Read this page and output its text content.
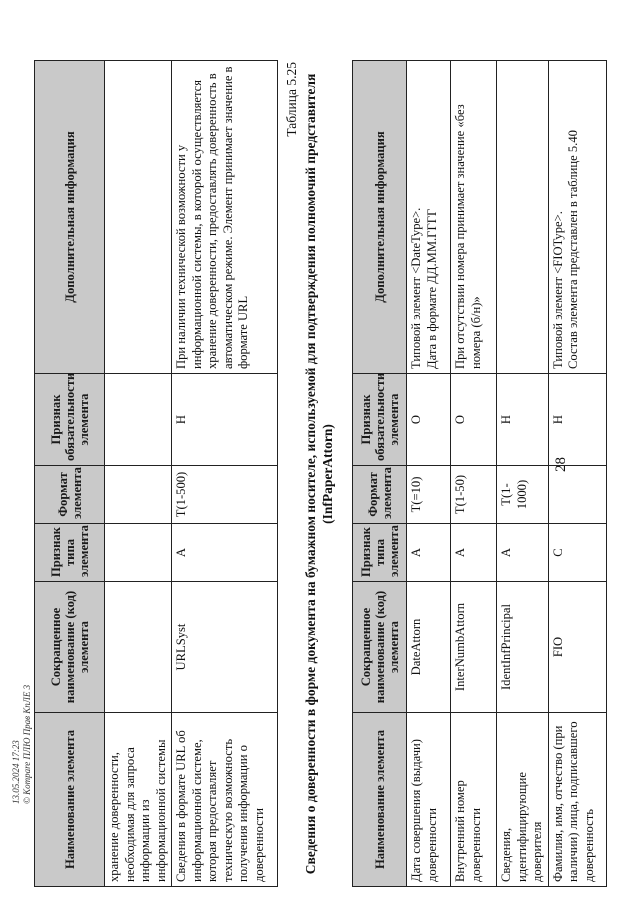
28
Наименование элемента	Сокращенное наименование (код) элемента	Признак типа элемента	Формат элемента	Признак обязательности элемента	Дополнительная информация
хранение доверенности, необходимая для запроса информации из информационной системы					
Сведения в формате URL об информационной системе, которая предоставляет техническую возможность получения информации о доверенности	URLSyst	А	T(1-500)	Н	При наличии технической возможности у информационной системы, в которой осуществляется хранение доверенности, предоставлять доверенность в автоматическом режиме. Элемент принимает значение в формате URL
Таблица 5.25 Сведения о доверенности в форме документа на бумажном носителе, используемой для подтверждения полномочий представителя (InfPaperAttorn)
Наименование элемента	Сокращенное наименование (код) элемента	Признак типа элемента	Формат элемента	Признак обязательности элемента	Дополнительная информация
Дата совершения (выдачи) доверенности	DateAttorn	А	T(=10)	О	Типовой элемент <DateType>. Дата в формате ДД.ММ.ГГГГ

Внутренний номер доверенности	InterNumbAttorn	А	T(1-50)	О	При отсутствии номера принимает значение «без номера (б/н)»

Сведения, идентифицирующие доверителя	IdentInfPrincipal	А	T(1-1000)	Н	

Фамилия, имя, отчество (при наличии) лица, подписавшего доверенность	FIO	С		Н	Типовой элемент <FIOType>. Состав элемента представлен в таблице 5.40
13.05.2024 17:23 © Kompare ПЛЮ Прав КпЛЕ 3
